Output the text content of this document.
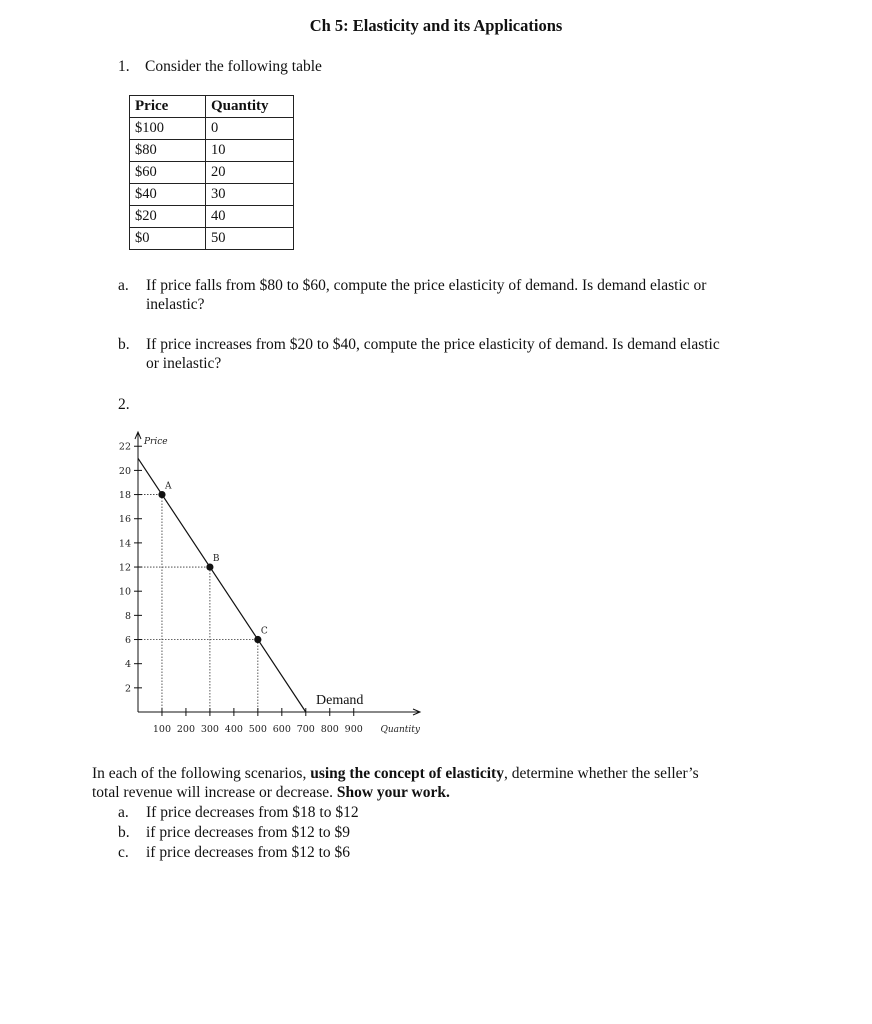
Ch 5: Elasticity and its Applications
1. Consider the following table
Price	Quantity
$100	0
$80	10
$60	20
$40	30
$20	40
$0	50
a. If price falls from $80 to $60, compute the price elasticity of demand. Is demand elastic or
inelastic?
b. If price increases from $20 to $40, compute the price elasticity of demand. Is demand elastic
or inelastic?
2.
2
4
6
8
10
12
14
16
18
20
22
100 200 300 400 500 600 700 800 900
A
B
C
Price
Quantity
Demand
In each of the following scenarios, using the concept of elasticity, determine whether the seller’s
total revenue will increase or decrease. Show your work.
a. If price decreases from $18 to $12
b. if price decreases from $12 to $9
c. if price decreases from $12 to $6
